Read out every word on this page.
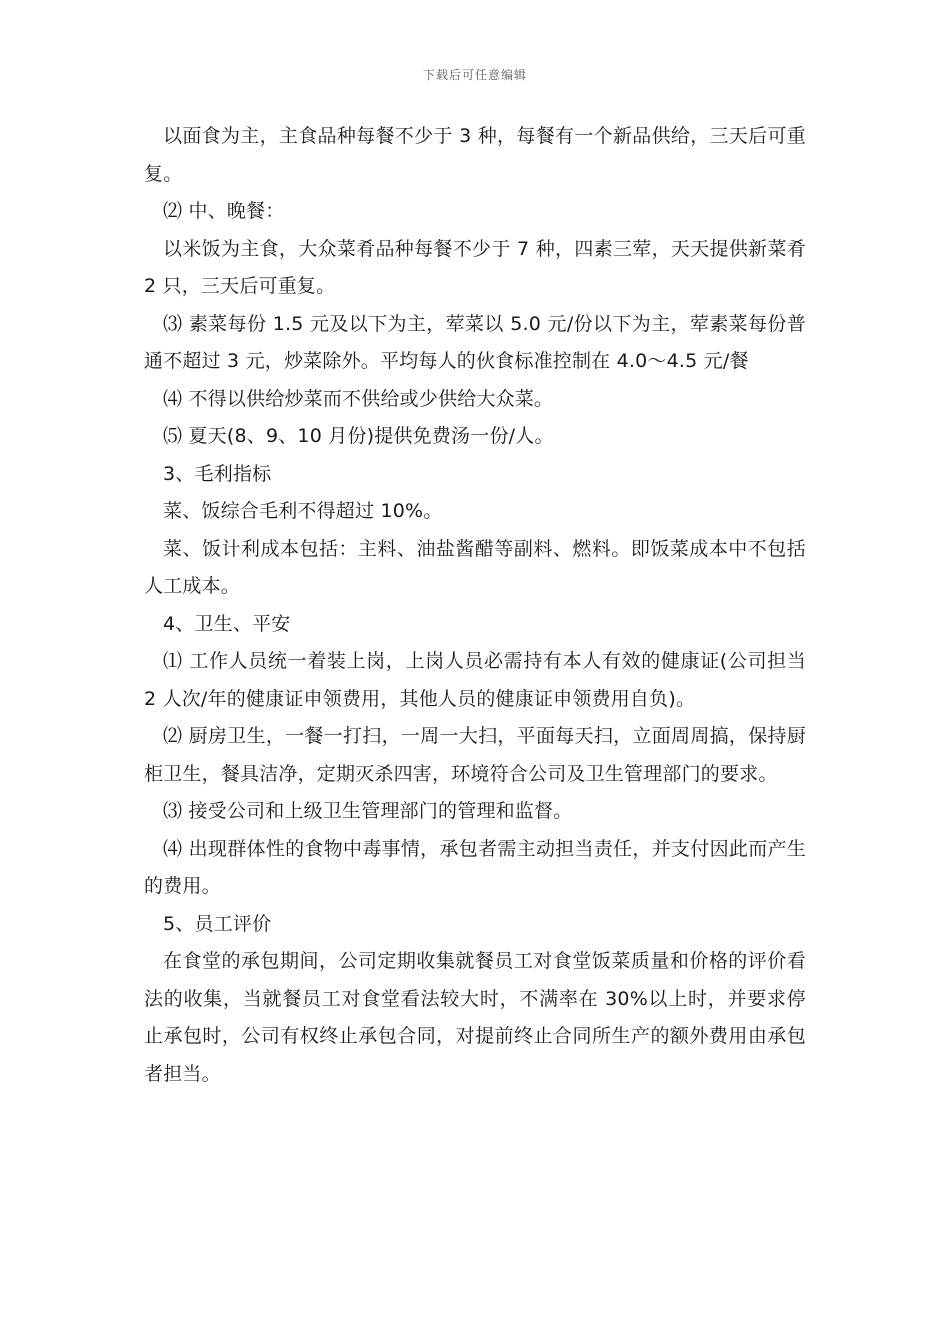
下载后可任意编辑

以面食为主，主食品种每餐不少于 3 种，每餐有一个新品供给，三天后可重复。

⑵ 中、晚餐：

以米饭为主食，大众菜肴品种每餐不少于 7 种，四素三荤，天天提供新菜肴 2 只，三天后可重复。

⑶ 素菜每份 1.5 元及以下为主，荤菜以 5.0 元/份以下为主，荤素菜每份普通不超过 3 元，炒菜除外。平均每人的伙食标准控制在 4.0～4.5 元/餐

⑷ 不得以供给炒菜而不供给或少供给大众菜。

⑸ 夏天(8、9、10 月份)提供免费汤一份/人。

3、毛利指标

菜、饭综合毛利不得超过 10%。

菜、饭计利成本包括：主料、油盐酱醋等副料、燃料。即饭菜成本中不包括人工成本。

4、卫生、平安

⑴ 工作人员统一着装上岗，上岗人员必需持有本人有效的健康证(公司担当 2 人次/年的健康证申领费用，其他人员的健康证申领费用自负)。

⑵ 厨房卫生，一餐一打扫，一周一大扫，平面每天扫，立面周周搞，保持厨柜卫生，餐具洁净，定期灭杀四害，环境符合公司及卫生管理部门的要求。

⑶ 接受公司和上级卫生管理部门的管理和监督。

⑷ 出现群体性的食物中毒事情，承包者需主动担当责任，并支付因此而产生的费用。

5、员工评价

在食堂的承包期间，公司定期收集就餐员工对食堂饭菜质量和价格的评价看法的收集，当就餐员工对食堂看法较大时，不满率在 30%以上时，并要求停止承包时，公司有权终止承包合同，对提前终止合同所生产的额外费用由承包者担当。
